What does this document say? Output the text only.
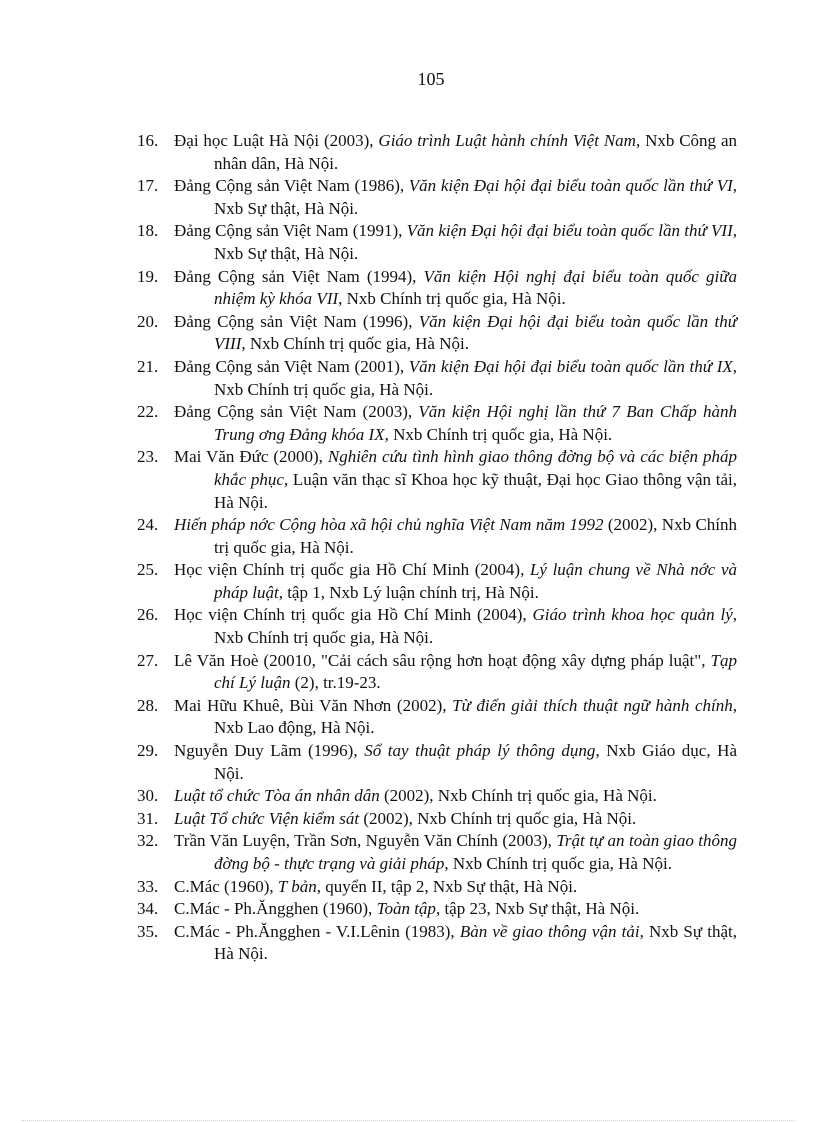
105
16. Đại học Luật Hà Nội (2003), Giáo trình Luật hành chính Việt Nam, Nxb Công an nhân dân, Hà Nội.
17. Đảng Cộng sản Việt Nam (1986), Văn kiện Đại hội đại biểu toàn quốc lần thứ VI, Nxb Sự thật, Hà Nội.
18. Đảng Cộng sản Việt Nam (1991), Văn kiện Đại hội đại biểu toàn quốc lần thứ VII, Nxb Sự thật, Hà Nội.
19. Đảng Cộng sản Việt Nam (1994), Văn kiện Hội nghị đại biểu toàn quốc giữa nhiệm kỳ khóa VII, Nxb Chính trị quốc gia, Hà Nội.
20. Đảng Cộng sản Việt Nam (1996), Văn kiện Đại hội đại biểu toàn quốc lần thứ VIII, Nxb Chính trị quốc gia, Hà Nội.
21. Đảng Cộng sản Việt Nam (2001), Văn kiện Đại hội đại biểu toàn quốc lần thứ IX, Nxb Chính trị quốc gia, Hà Nội.
22. Đảng Cộng sản Việt Nam (2003), Văn kiện Hội nghị lần thứ 7 Ban Chấp hành Trung ơng Đảng khóa IX, Nxb Chính trị quốc gia, Hà Nội.
23. Mai Văn Đức (2000), Nghiên cứu tình hình giao thông đờng bộ và các biện pháp khắc phục, Luận văn thạc sĩ Khoa học kỹ thuật, Đại học Giao thông vận tải, Hà Nội.
24. Hiến pháp nớc Cộng hòa xã hội chủ nghĩa Việt Nam năm 1992 (2002), Nxb Chính trị quốc gia, Hà Nội.
25. Học viện Chính trị quốc gia Hồ Chí Minh (2004), Lý luận chung về Nhà nớc và pháp luật, tập 1, Nxb Lý luận chính trị, Hà Nội.
26. Học viện Chính trị quốc gia Hồ Chí Minh (2004), Giáo trình khoa học quản lý, Nxb Chính trị quốc gia, Hà Nội.
27. Lê Văn Hoè (20010, "Cải cách sâu rộng hơn hoạt động xây dựng pháp luật", Tạp chí Lý luận (2), tr.19-23.
28. Mai Hữu Khuê, Bùi Văn Nhơn (2002), Từ điển giải thích thuật ngữ hành chính, Nxb Lao động, Hà Nội.
29. Nguyễn Duy Lãm (1996), Sổ tay thuật pháp lý thông dụng, Nxb Giáo dục, Hà Nội.
30. Luật tổ chức Tòa án nhân dân (2002), Nxb Chính trị quốc gia, Hà Nội.
31. Luật Tổ chức Viện kiểm sát (2002), Nxb Chính trị quốc gia, Hà Nội.
32. Trần Văn Luyện, Trần Sơn, Nguyễn Văn Chính (2003), Trật tự an toàn giao thông đờng bộ - thực trạng và giải pháp, Nxb Chính trị quốc gia, Hà Nội.
33. C.Mác (1960), T bản, quyển II, tập 2, Nxb Sự thật, Hà Nội.
34. C.Mác - Ph.Ăngghen (1960), Toàn tập, tập 23, Nxb Sự thật, Hà Nội.
35. C.Mác - Ph.Ăngghen - V.I.Lênin (1983), Bàn về giao thông vận tải, Nxb Sự thật, Hà Nội.
